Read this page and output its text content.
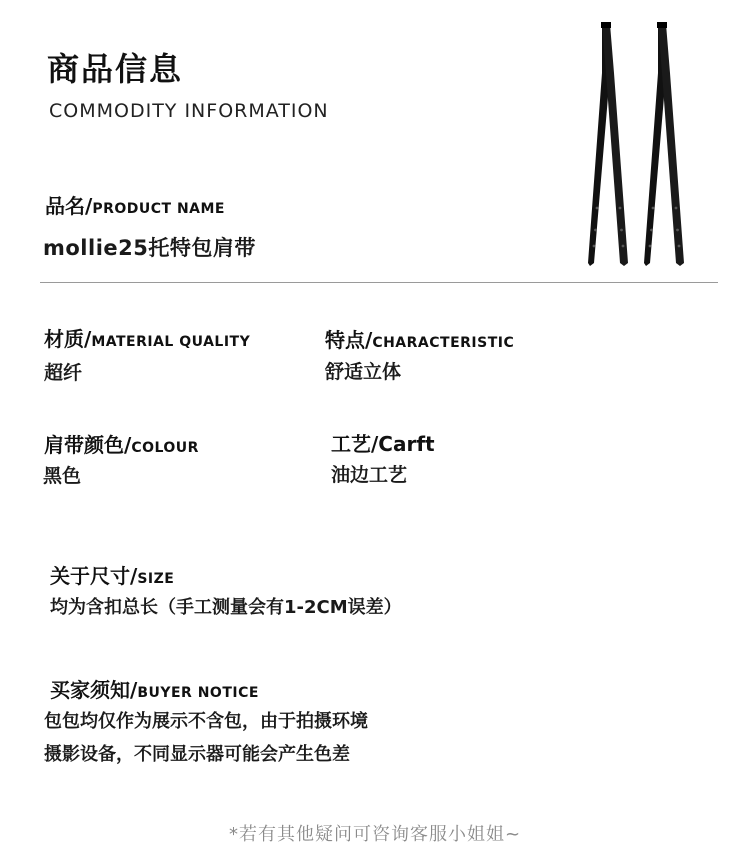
商品信息
COMMODITY INFORMATION
品名/PRODUCT NAME
mollie25托特包肩带
材质/MATERIAL QUALITY
超纤
特点/CHARACTERISTIC
舒适立体
肩带颜色/COLOUR
黑色
工艺/Carft
油边工艺
关于尺寸/SIZE
均为含扣总长（手工测量会有1-2CM误差）
买家须知/BUYER NOTICE
包包均仅作为展示不含包，由于拍摄环境
摄影设备，不同显示器可能会产生色差
*若有其他疑问可咨询客服小姐姐~
